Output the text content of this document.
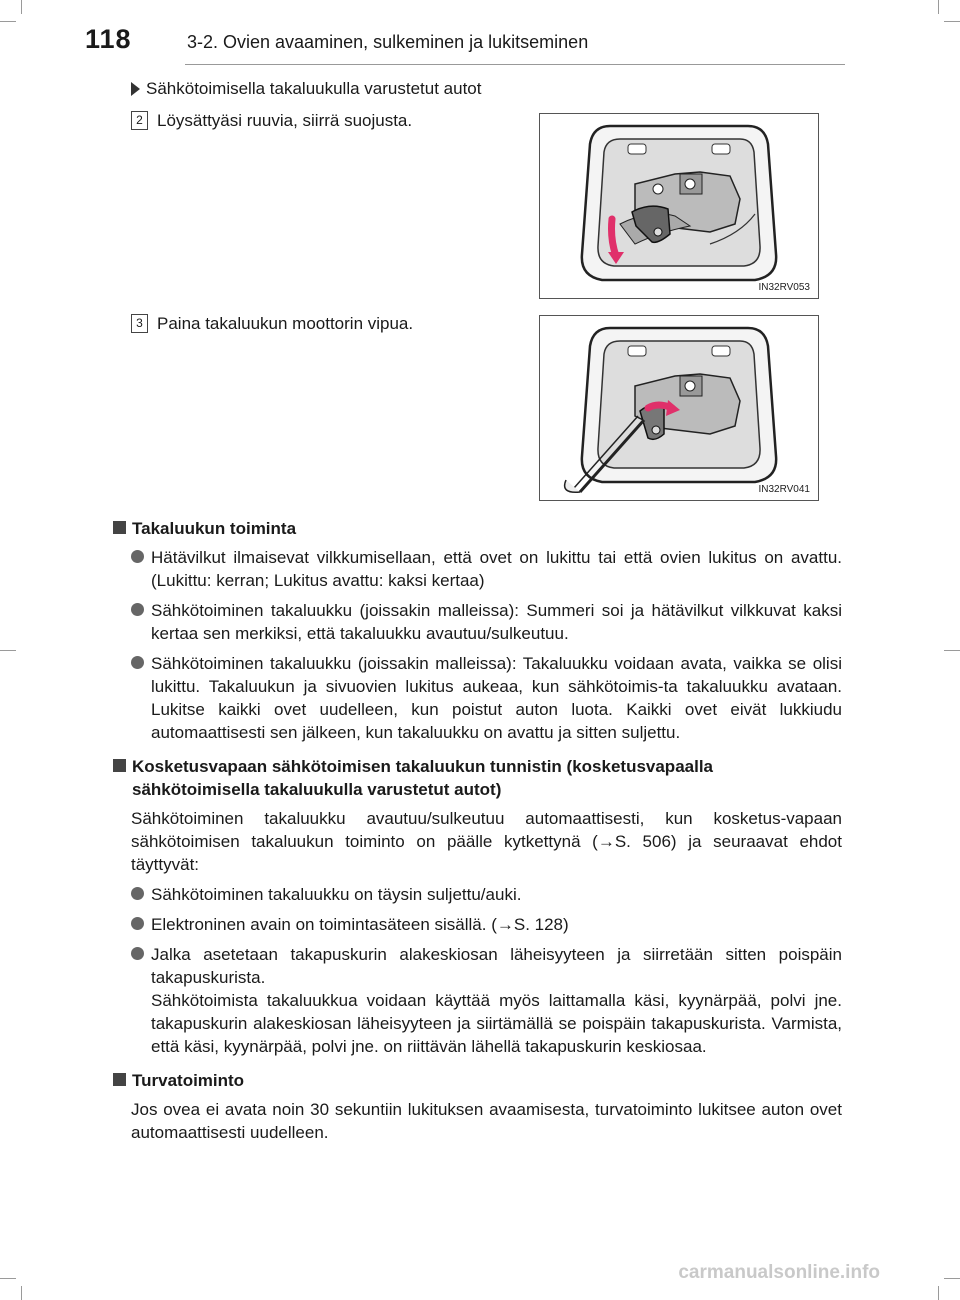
118	3-2. Ovien avaaminen, sulkeminen ja lukitseminen
Sähkötoimisella takaluukulla varustetut autot
2 Löysättyäsi ruuvia, siirrä suojusta.
IN32RV053
3 Paina takaluukun moottorin vipua.
IN32RV041
Takaluukun toiminta

Hätävilkut ilmaisevat vilkkumisellaan, että ovet on lukittu tai että ovien lukitus on avattu. (Lukittu: kerran; Lukitus avattu: kaksi kertaa)

Sähkötoiminen takaluukku (joissakin malleissa): Summeri soi ja hätävilkut vilkkuvat kaksi kertaa sen merkiksi, että takaluukku avautuu/sulkeutuu.

Sähkötoiminen takaluukku (joissakin malleissa): Takaluukku voidaan avata, vaikka se olisi lukittu. Takaluukun ja sivuovien lukitus aukeaa, kun sähkötoimis-ta takaluukku avataan. Lukitse kaikki ovet uudelleen, kun poistut auton luota. Kaikki ovet eivät lukkiudu automaattisesti sen jälkeen, kun takaluukku on avattu ja sitten suljettu.

Kosketusvapaan sähkötoimisen takaluukun tunnistin (kosketusvapaalla sähkötoimisella takaluukulla varustetut autot)

Sähkötoiminen takaluukku avautuu/sulkeutuu automaattisesti, kun kosketus-vapaan sähkötoimisen takaluukun toiminto on päälle kytkettynä (→S. 506) ja seuraavat ehdot täyttyvät:

Sähkötoiminen takaluukku on täysin suljettu/auki.

Elektroninen avain on toimintasäteen sisällä. (→S. 128)

Jalka asetetaan takapuskurin alakeskiosan läheisyyteen ja siirretään sitten poispäin takapuskurista.

Sähkötoimista takaluukkua voidaan käyttää myös laittamalla käsi, kyynärpää, polvi jne. takapuskurin alakeskiosan läheisyyteen ja siirtämällä se poispäin takapuskurista. Varmista, että käsi, kyynärpää, polvi jne. on riittävän lähellä takapuskurin keskiosaa.

Turvatoiminto

Jos ovea ei avata noin 30 sekuntiin lukituksen avaamisesta, turvatoiminto lukitsee auton ovet automaattisesti uudelleen.

carmanualsonline.info
